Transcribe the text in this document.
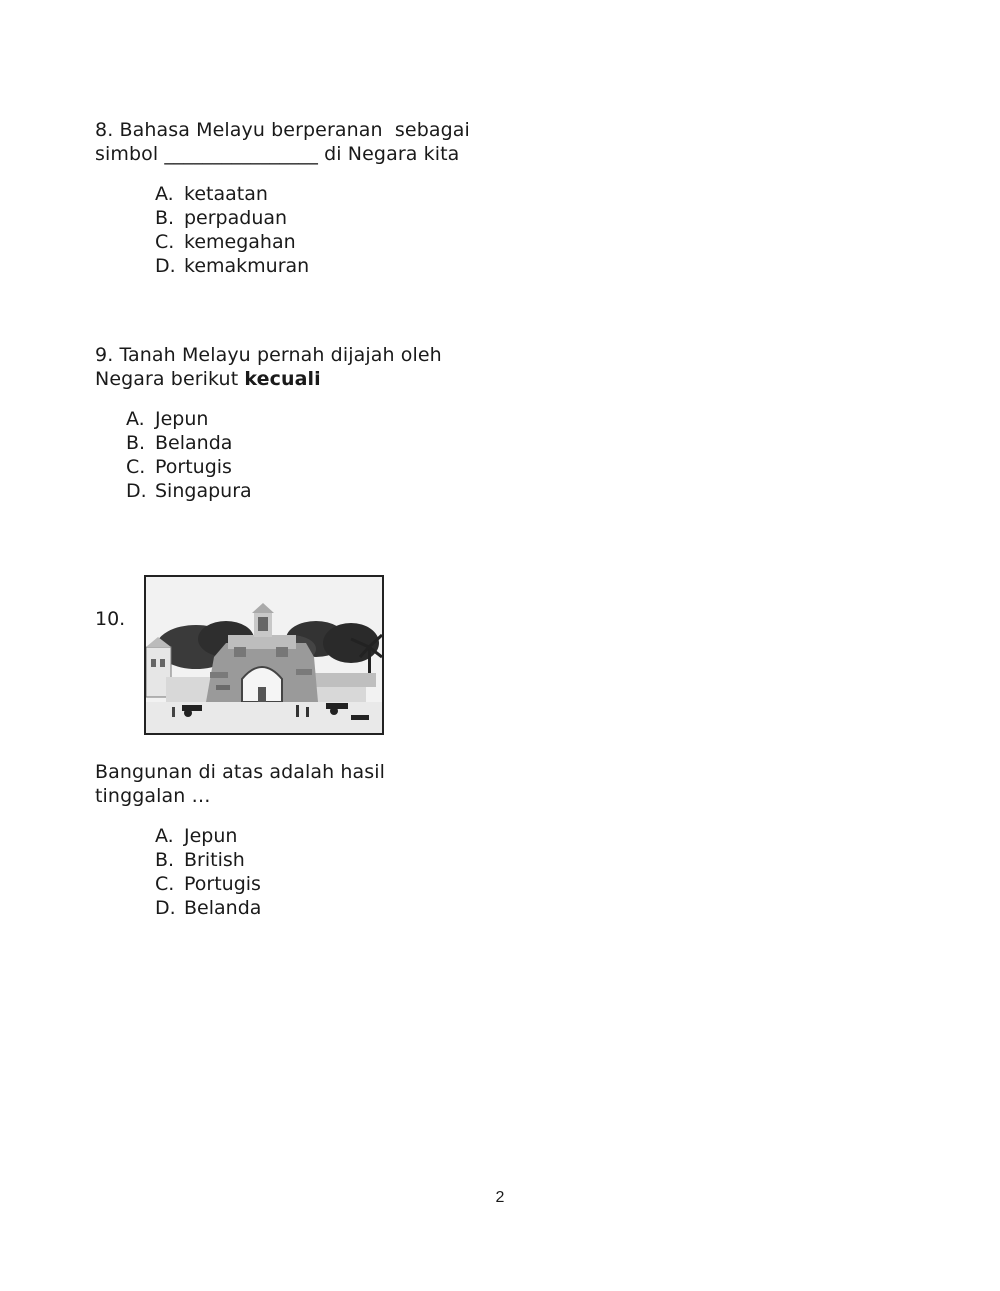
8. Bahasa Melayu berperanan  sebagai
simbol ________________ di Negara kita
A. ketaatan
B. perpaduan
C. kemegahan
D. kemakmuran
9. Tanah Melayu pernah dijajah oleh
Negara berikut kecuali
A. Jepun
B. Belanda
C. Portugis
D. Singapura
10.
Bangunan di atas adalah hasil
tinggalan …
A. Jepun
B. British
C. Portugis
D. Belanda
2
